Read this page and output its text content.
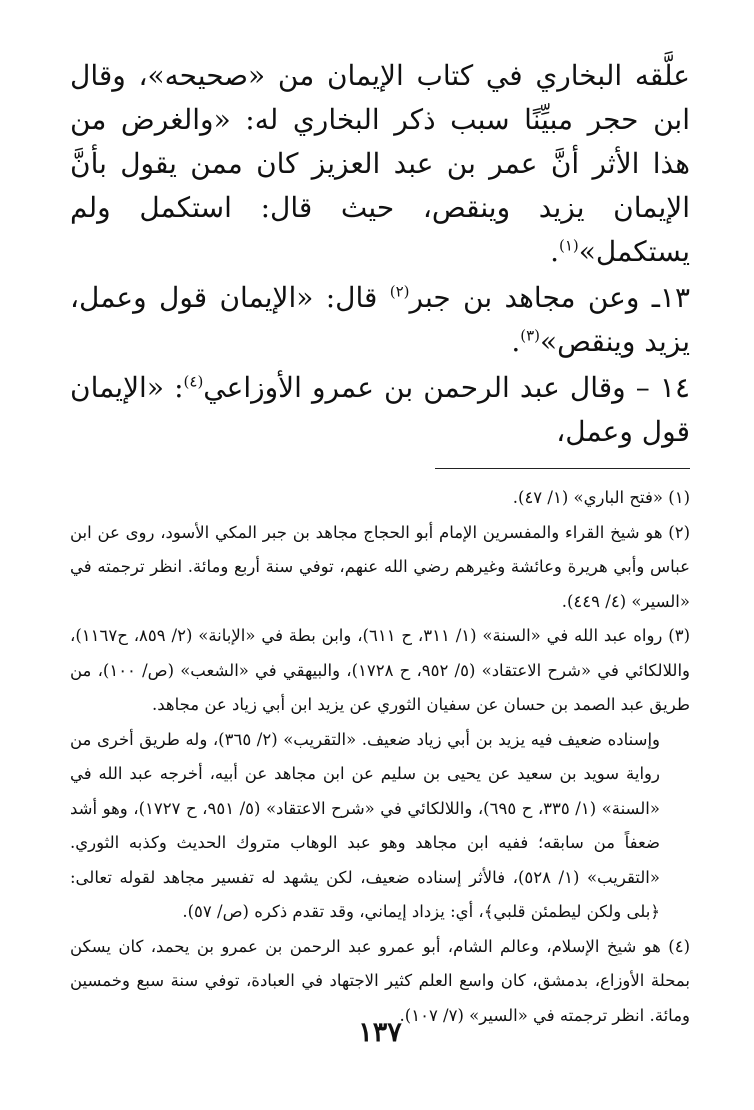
علَّقه البخاري في كتاب الإيمان من «صحيحه»، وقال ابن حجر مبيِّنًا سبب ذكر البخاري له: «والغرض من هذا الأثر أنَّ عمر بن عبد العزيز كان ممن يقول بأنَّ الإيمان يزيد وينقص، حيث قال: استكمل ولم يستكمل»$^{(١)}$.

١٣ـ وعن مجاهد بن جبر$^{(٢)}$ قال: «الإيمان قول وعمل، يزيد وينقص»$^{(٣)}$.

١٤ – وقال عبد الرحمن بن عمرو الأوزاعي$^{(٤)}$: «الإيمان قول وعمل،

(١) «فتح الباري» (١/ ٤٧).

(٢) هو شيخ القراء والمفسرين الإمام أبو الحجاج مجاهد بن جبر المكي الأسود، روى عن ابن عباس وأبي هريرة وعائشة وغيرهم رضي الله عنهم، توفي سنة أربع ومائة. انظر ترجمته في «السير» (٤/ ٤٤٩).

(٣) رواه عبد الله في «السنة» (١/ ٣١١، ح ٦١١)، وابن بطة في «الإبانة» (٢/ ٨٥٩، ح١١٦٧)، واللالكائي في «شرح الاعتقاد» (٥/ ٩٥٢، ح ١٧٢٨)، والبيهقي في «الشعب» (ص/ ١٠٠)، من طريق عبد الصمد بن حسان عن سفيان الثوري عن يزيد ابن أبي زياد عن مجاهد.

وإسناده ضعيف فيه يزيد بن أبي زياد ضعيف. «التقريب» (٢/ ٣٦٥)، وله طريق أخرى من رواية سويد بن سعيد عن يحيى بن سليم عن ابن مجاهد عن أبيه، أخرجه عبد الله في «السنة» (١/ ٣٣٥، ح ٦٩٥)، واللالكائي في «شرح الاعتقاد» (٥/ ٩٥١، ح ١٧٢٧)، وهو أشد ضعفاً من سابقه؛ ففيه ابن مجاهد وهو عبد الوهاب متروك الحديث وكذبه الثوري. «التقريب» (١/ ٥٢٨)، فالأثر إسناده ضعيف، لكن يشهد له تفسير مجاهد لقوله تعالى: ﴿بلى ولكن ليطمئن قلبي﴾، أي: يزداد إيماني، وقد تقدم ذكره (ص/ ٥٧).

(٤) هو شيخ الإسلام، وعالم الشام، أبو عمرو عبد الرحمن بن عمرو بن يحمد، كان يسكن بمحلة الأوزاع، بدمشق، كان واسع العلم كثير الاجتهاد في العبادة، توفي سنة سبع وخمسين ومائة. انظر ترجمته في «السير» (٧/ ١٠٧).

١٣٧
